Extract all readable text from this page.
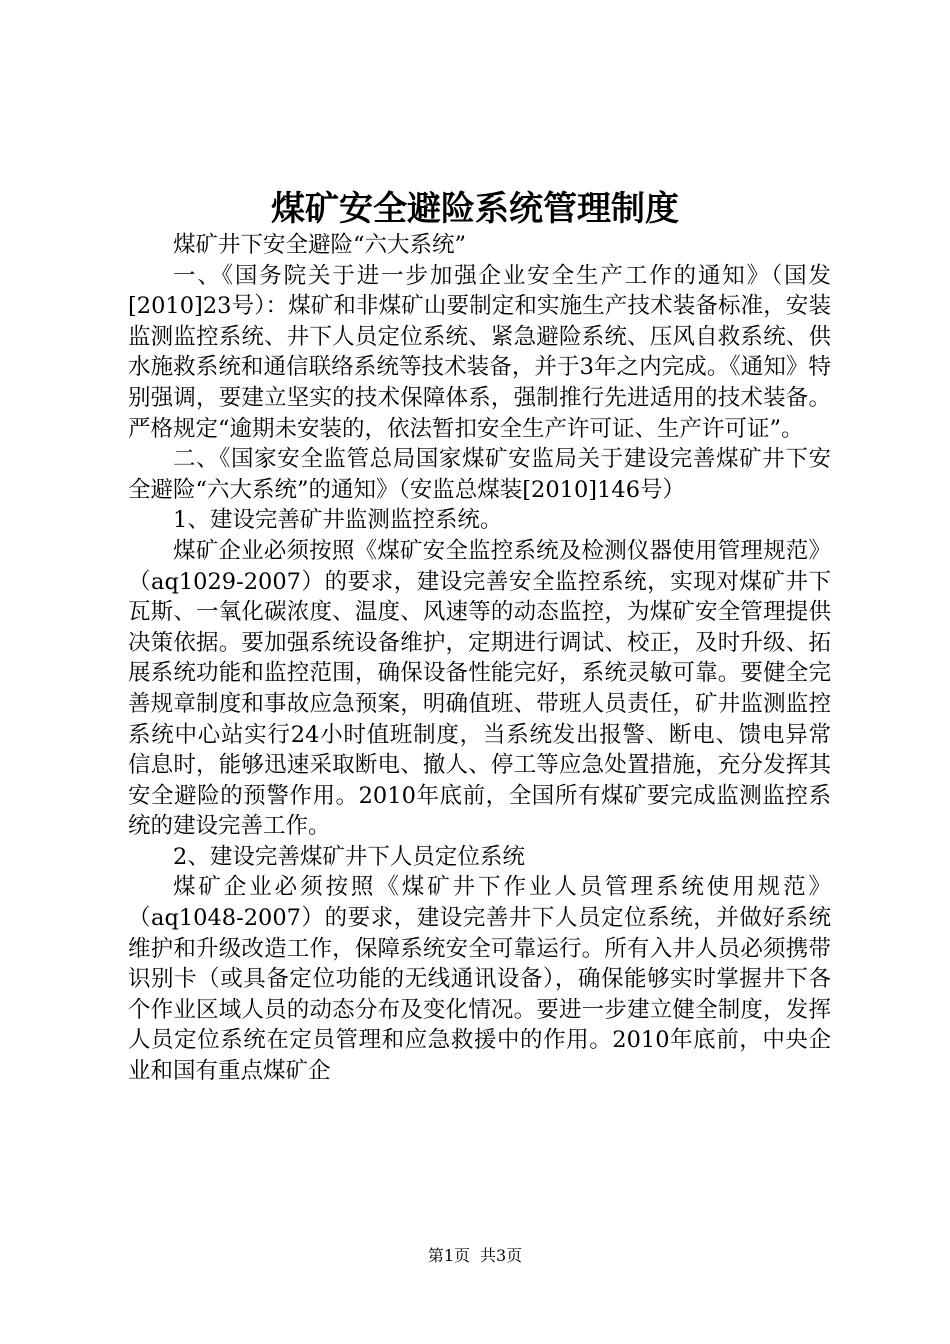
煤矿安全避险系统管理制度

煤矿井下安全避险“六大系统”

一、《国务院关于进一步加强企业安全生产工作的通知》（国发[2010]23号）：煤矿和非煤矿山要制定和实施生产技术装备标准，安装监测监控系统、井下人员定位系统、紧急避险系统、压风自救系统、供水施救系统和通信联络系统等技术装备，并于3年之内完成。《通知》特别强调，要建立坚实的技术保障体系，强制推行先进适用的技术装备。严格规定“逾期未安装的，依法暂扣安全生产许可证、生产许可证”。

二、《国家安全监管总局国家煤矿安监局关于建设完善煤矿井下安全避险“六大系统”的通知》（安监总煤装[2010]146号）

1、建设完善矿井监测监控系统。

煤矿企业必须按照《煤矿安全监控系统及检测仪器使用管理规范》（aq1029-2007）的要求，建设完善安全监控系统，实现对煤矿井下瓦斯、一氧化碳浓度、温度、风速等的动态监控，为煤矿安全管理提供决策依据。要加强系统设备维护，定期进行调试、校正，及时升级、拓展系统功能和监控范围，确保设备性能完好，系统灵敏可靠。要健全完善规章制度和事故应急预案，明确值班、带班人员责任，矿井监测监控系统中心站实行24小时值班制度，当系统发出报警、断电、馈电异常信息时，能够迅速采取断电、撤人、停工等应急处置措施，充分发挥其安全避险的预警作用。2010年底前，全国所有煤矿要完成监测监控系统的建设完善工作。

2、建设完善煤矿井下人员定位系统

煤矿企业必须按照《煤矿井下作业人员管理系统使用规范》（aq1048-2007）的要求，建设完善井下人员定位系统，并做好系统维护和升级改造工作，保障系统安全可靠运行。所有入井人员必须携带识别卡（或具备定位功能的无线通讯设备），确保能够实时掌握井下各个作业区域人员的动态分布及变化情况。要进一步建立健全制度，发挥人员定位系统在定员管理和应急救援中的作用。2010年底前，中央企业和国有重点煤矿企

第1页 共3页
